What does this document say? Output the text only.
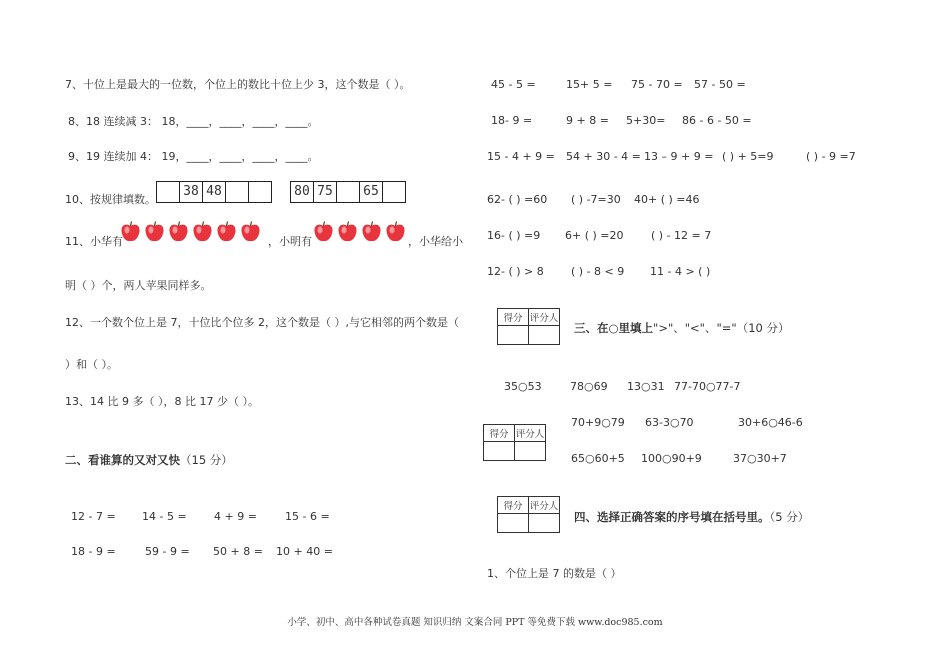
7、十位上是最大的一位数，个位上的数比十位上少 3，这个数是（ ）。
8、18 连续减 3： 18，____，____，____，____。
9、19 连续加 4： 19，____，____，____，____。
10、按规律填数。
38 48	80 75	65
11、小华有	，小明有	，小华给小
明（ ）个，两人苹果同样多。
12、一个数个位上是 7，十位比个位多 2，这个数是（ ）,与它相邻的两个数是（
）和（ ）。
13、14 比 9 多（ ），8 比 17 少（ ）。
二、看谁算的又对又快（15 分）
12 - 7 = 14 - 5 = 4 + 9 =	15 - 6 =
18 - 9 =	59 - 9 = 50 + 8 = 10 + 40 =
45 - 5 =	15+ 5 = 75 - 70 = 57 - 50 =
18- 9 =	9 + 8 = 5+30= 86 - 6 - 50 =
15 - 4 + 9 = 54 + 30 - 4 = 13 – 9 + 9 = ( ) + 5=9	( ) - 9 =7
62- ( ) =60 ( ) -7=30 40+ ( ) =46
16- ( ) =9 6+ ( ) =20 ( ) - 12 = 7
12- ( ) > 8 ( ) - 8 < 9 11 - 4 > ( )
得分	评分人

三、在○里填上">"、"<"、"="（10 分）
35○53	78○69 13○31 77-70○77-7
得分	评分人

70+9○79 63-3○70	30+6○46-6
65○60+5 100○90+9	37○30+7
得分	评分人

四、选择正确答案的序号填在括号里。（5 分）
1、个位上是 7 的数是（ ）
小学、初中、高中各种试卷真题 知识归纳 文案合同 PPT 等免费下载 www.doc985.com
